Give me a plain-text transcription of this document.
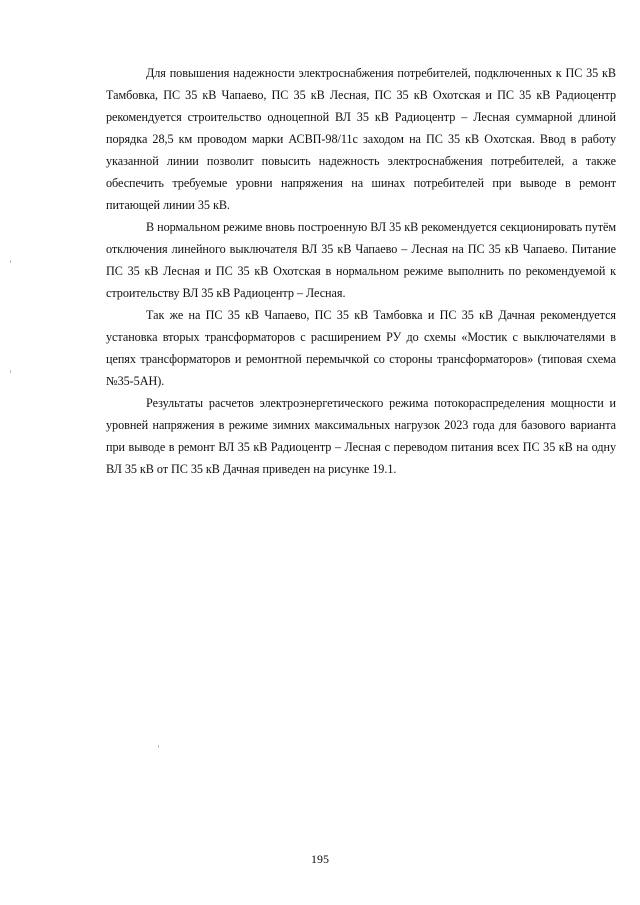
Для повышения надежности электроснабжения потребителей, подключенных к ПС 35 кВ Тамбовка, ПС 35 кВ Чапаево, ПС 35 кВ Лесная, ПС 35 кВ Охотская и ПС 35 кВ Радиоцентр рекомендуется строительство одноцепной ВЛ 35 кВ Радиоцентр – Лесная суммарной длиной порядка 28,5 км проводом марки АСВП-98/11с заходом на ПС 35 кВ Охотская. Ввод в работу указанной линии позволит повысить надежность электроснабжения потребителей, а также обеспечить требуемые уровни напряжения на шинах потребителей при выводе в ремонт питающей линии 35 кВ.

В нормальном режиме вновь построенную ВЛ 35 кВ рекомендуется секционировать путём отключения линейного выключателя ВЛ 35 кВ Чапаево – Лесная на ПС 35 кВ Чапаево. Питание ПС 35 кВ Лесная и ПС 35 кВ Охотская в нормальном режиме выполнить по рекомендуемой к строительству ВЛ 35 кВ Радиоцентр – Лесная.

Так же на ПС 35 кВ Чапаево, ПС 35 кВ Тамбовка и ПС 35 кВ Дачная рекомендуется установка вторых трансформаторов с расширением РУ до схемы «Мостик с выключателями в цепях трансформаторов и ремонтной перемычкой со стороны трансформаторов» (типовая схема №35-5АН).

Результаты расчетов электроэнергетического режима потокораспределения мощности и уровней напряжения в режиме зимних максимальных нагрузок 2023 года для базового варианта при выводе в ремонт ВЛ 35 кВ Радиоцентр – Лесная с переводом питания всех ПС 35 кВ на одну ВЛ 35 кВ от ПС 35 кВ Дачная приведен на рисунке 19.1.

195
